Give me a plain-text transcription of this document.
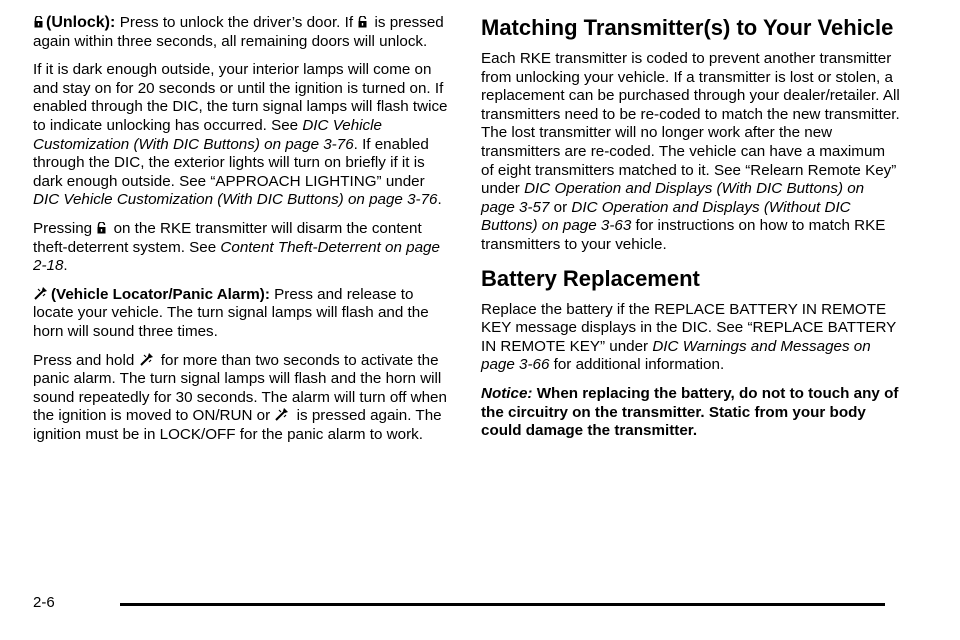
(Unlock): Press to unlock the driver’s door. If is pressed again within three seconds, all remaining doors will unlock.

If it is dark enough outside, your interior lamps will come on and stay on for 20 seconds or until the ignition is turned on. If enabled through the DIC, the turn signal lamps will flash twice to indicate unlocking has occurred. See DIC Vehicle Customization (With DIC Buttons) on page 3-76. If enabled through the DIC, the exterior lights will turn on briefly if it is dark enough outside. See “APPROACH LIGHTING” under DIC Vehicle Customization (With DIC Buttons) on page 3-76.

Pressing on the RKE transmitter will disarm the content theft-deterrent system. See Content Theft-Deterrent on page 2-18.

(Vehicle Locator/Panic Alarm): Press and release to locate your vehicle. The turn signal lamps will flash and the horn will sound three times.

Press and hold for more than two seconds to activate the panic alarm. The turn signal lamps will flash and the horn will sound repeatedly for 30 seconds. The alarm will turn off when the ignition is moved to ON/RUN or is pressed again. The ignition must be in LOCK/OFF for the panic alarm to work.

Matching Transmitter(s) to Your Vehicle

Each RKE transmitter is coded to prevent another transmitter from unlocking your vehicle. If a transmitter is lost or stolen, a replacement can be purchased through your dealer/retailer. All transmitters need to be re-coded to match the new transmitter. The lost transmitter will no longer work after the new transmitters are re-coded. The vehicle can have a maximum of eight transmitters matched to it. See “Relearn Remote Key” under DIC Operation and Displays (With DIC Buttons) on page 3-57 or DIC Operation and Displays (Without DIC Buttons) on page 3-63 for instructions on how to match RKE transmitters to your vehicle.

Battery Replacement

Replace the battery if the REPLACE BATTERY IN REMOTE KEY message displays in the DIC. See “REPLACE BATTERY IN REMOTE KEY” under DIC Warnings and Messages on page 3-66 for additional information.

Notice: When replacing the battery, do not to touch any of the circuitry on the transmitter. Static from your body could damage the transmitter.

2-6
